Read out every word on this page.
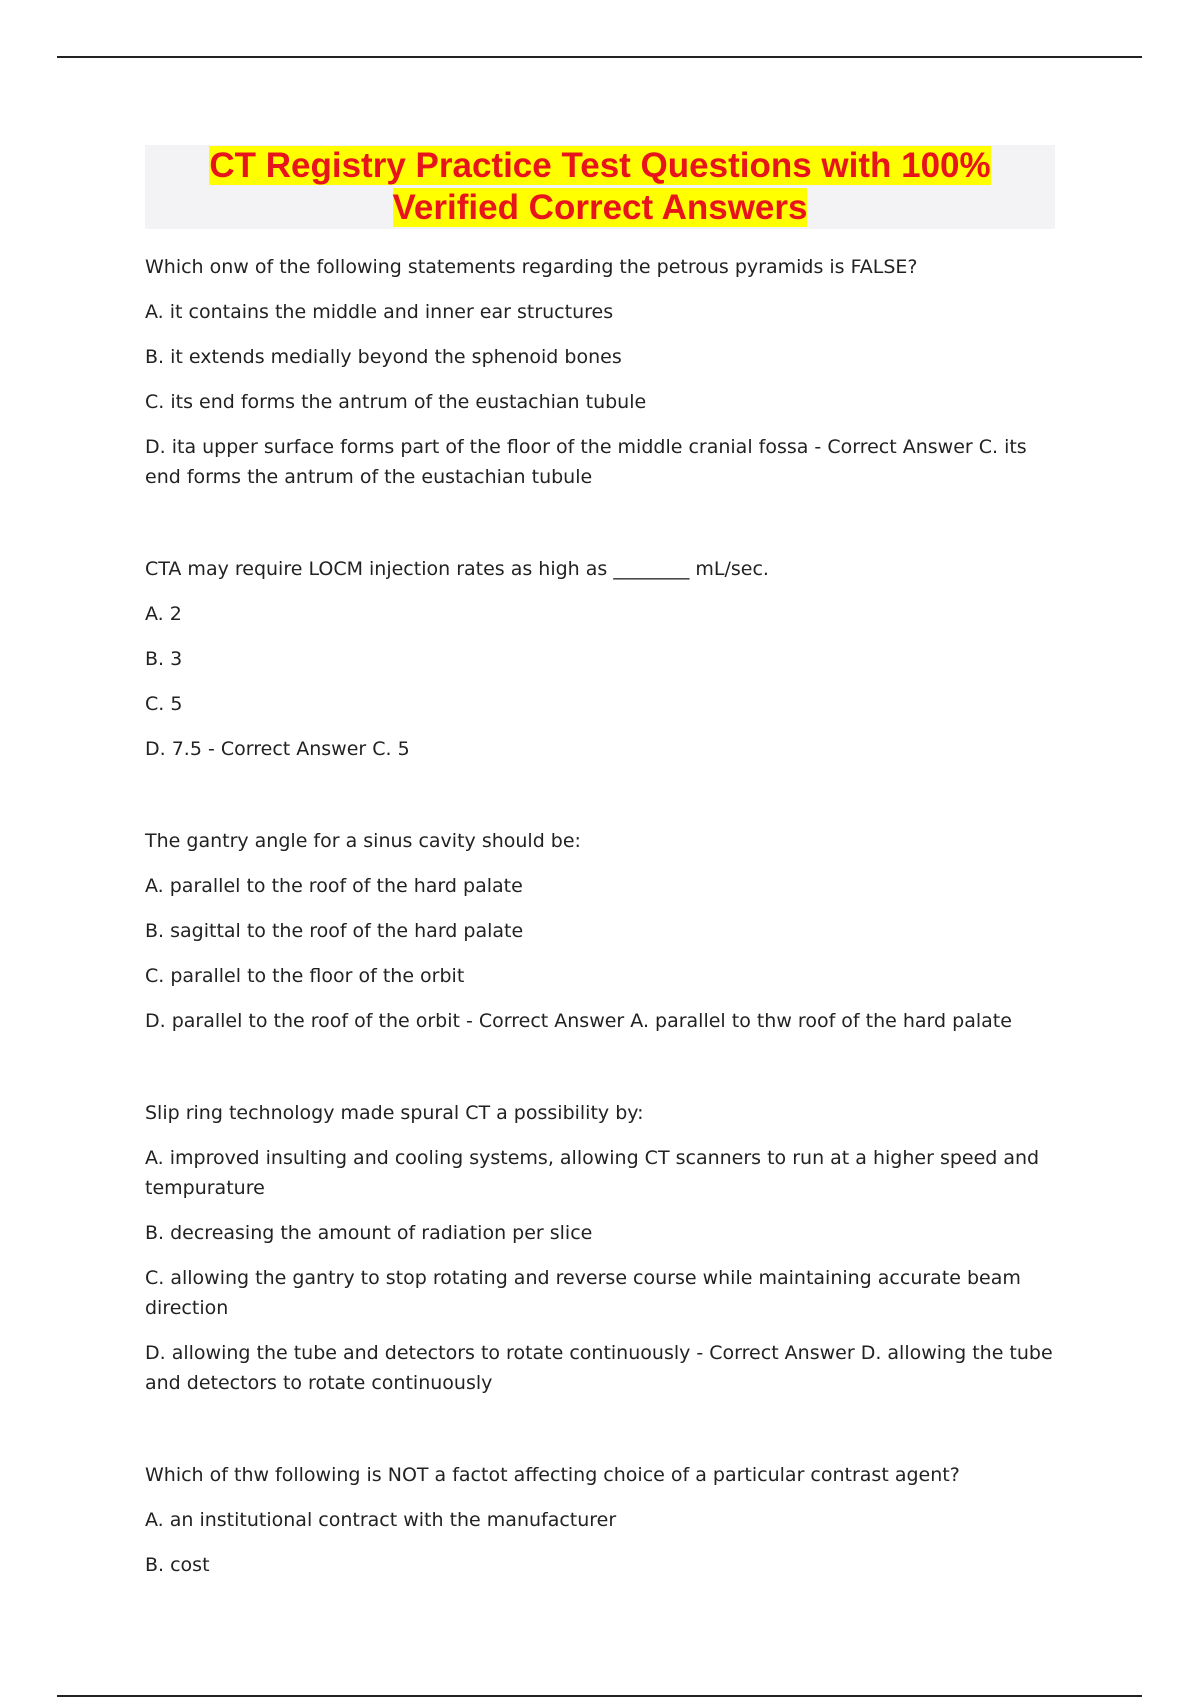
CT Registry Practice Test Questions with 100% Verified Correct Answers

Which onw of the following statements regarding the petrous pyramids is FALSE?

A. it contains the middle and inner ear structures

B. it extends medially beyond the sphenoid bones

C. its end forms the antrum of the eustachian tubule

D. ita upper surface forms part of the floor of the middle cranial fossa - Correct Answer C. its end forms the antrum of the eustachian tubule

CTA may require LOCM injection rates as high as ________ mL/sec.

A. 2

B. 3

C. 5

D. 7.5 - Correct Answer C. 5

The gantry angle for a sinus cavity should be:

A. parallel to the roof of the hard palate

B. sagittal to the roof of the hard palate

C. parallel to the floor of the orbit

D. parallel to the roof of the orbit - Correct Answer A. parallel to thw roof of the hard palate

Slip ring technology made spural CT a possibility by:

A. improved insulting and cooling systems, allowing CT scanners to run at a higher speed and tempurature

B. decreasing the amount of radiation per slice

C. allowing the gantry to stop rotating and reverse course while maintaining accurate beam direction

D. allowing the tube and detectors to rotate continuously - Correct Answer D. allowing the tube and detectors to rotate continuously

Which of thw following is NOT a factot affecting choice of a particular contrast agent?

A. an institutional contract with the manufacturer

B. cost
